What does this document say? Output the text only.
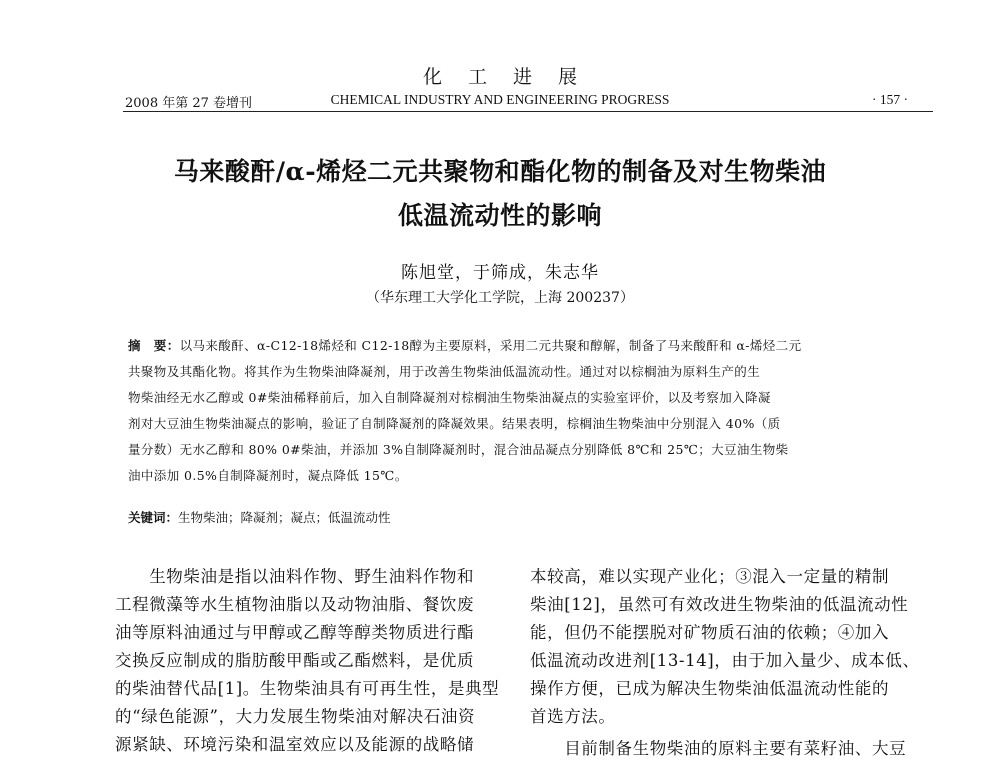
化工进展
2008 年第 27 卷增刊	CHEMICAL INDUSTRY AND ENGINEERING PROGRESS	· 157 ·
马来酸酐/α-烯烃二元共聚物和酯化物的制备及对生物柴油
低温流动性的影响
陈旭堂，于筛成，朱志华
（华东理工大学化工学院，上海 200237）
摘　要：以马来酸酐、α-C12-18烯烃和 C12-18醇为主要原料，采用二元共聚和醇解，制备了马来酸酐和 α-烯烃二元
共聚物及其酯化物。将其作为生物柴油降凝剂，用于改善生物柴油低温流动性。通过对以棕榈油为原料生产的生
物柴油经无水乙醇或 0#柴油稀释前后，加入自制降凝剂对棕榈油生物柴油凝点的实验室评价，以及考察加入降凝
剂对大豆油生物柴油凝点的影响，验证了自制降凝剂的降凝效果。结果表明，棕榈油生物柴油中分别混入 40%（质
量分数）无水乙醇和 80% 0#柴油，并添加 3%自制降凝剂时，混合油品凝点分别降低 8℃和 25℃；大豆油生物柴
油中添加 0.5%自制降凝剂时，凝点降低 15℃。
关键词：生物柴油；降凝剂；凝点；低温流动性
　　生物柴油是指以油料作物、野生油料作物和
工程微藻等水生植物油脂以及动物油脂、餐饮废
油等原料油通过与甲醇或乙醇等醇类物质进行酯
交换反应制成的脂肪酸甲酯或乙酯燃料，是优质
的柴油替代品[1]。生物柴油具有可再生性，是典型
的“绿色能源”，大力发展生物柴油对解决石油资
源紧缺、环境污染和温室效应以及能源的战略储
本较高，难以实现产业化；③混入一定量的精制
柴油[12]，虽然可有效改进生物柴油的低温流动性
能，但仍不能摆脱对矿物质石油的依赖；④加入
低温流动改进剂[13-14]，由于加入量少、成本低、
操作方便，已成为解决生物柴油低温流动性能的
首选方法。
　　目前制备生物柴油的原料主要有菜籽油、大豆
